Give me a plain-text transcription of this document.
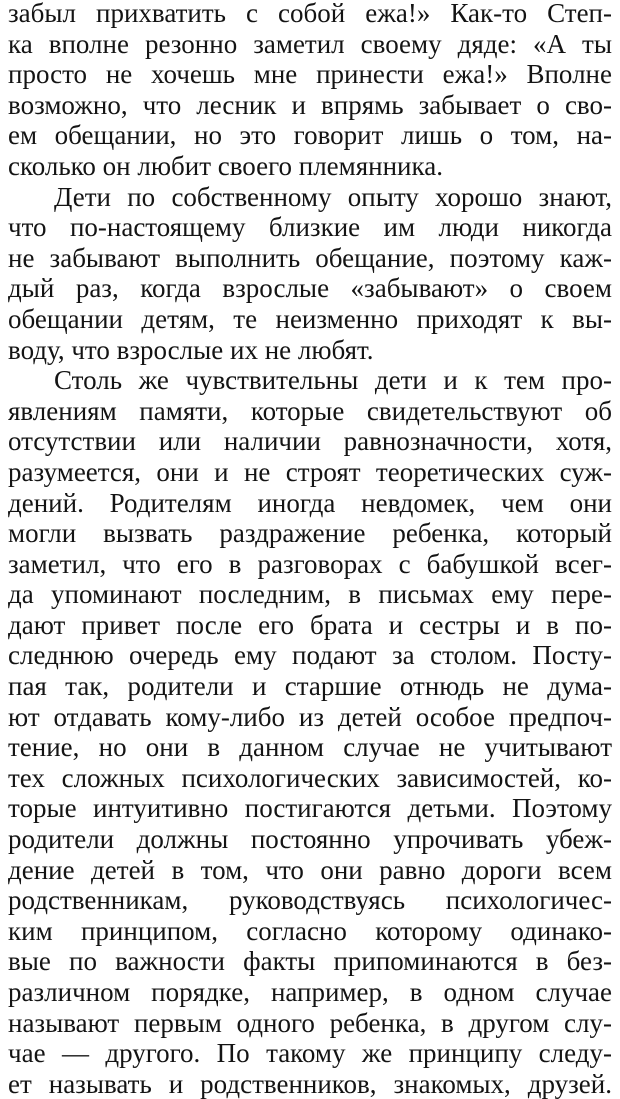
забыл прихватить с собой ежа!» Как-то Степ-
ка вполне резонно заметил своему дяде: «А ты
просто не хочешь мне принести ежа!» Вполне
возможно, что лесник и впрямь забывает о сво-
ем обещании, но это говорит лишь о том, на-
сколько он любит своего племянника.
Дети по собственному опыту хорошо знают,
что по-настоящему близкие им люди никогда
не забывают выполнить обещание, поэтому каж-
дый раз, когда взрослые «забывают» о своем
обещании детям, те неизменно приходят к вы-
воду, что взрослые их не любят.
Столь же чувствительны дети и к тем про-
явлениям памяти, которые свидетельствуют об
отсутствии или наличии равнозначности, хотя,
разумеется, они и не строят теоретических суж-
дений. Родителям иногда невдомек, чем они
могли вызвать раздражение ребенка, который
заметил, что его в разговорах с бабушкой всег-
да упоминают последним, в письмах ему пере-
дают привет после его брата и сестры и в по-
следнюю очередь ему подают за столом. Посту-
пая так, родители и старшие отнюдь не дума-
ют отдавать кому-либо из детей особое предпоч-
тение, но они в данном случае не учитывают
тех сложных психологических зависимостей, ко-
торые интуитивно постигаются детьми. Поэтому
родители должны постоянно упрочивать убеж-
дение детей в том, что они равно дороги всем
родственникам, руководствуясь психологичес-
ким принципом, согласно которому одинако-
вые по важности факты припоминаются в без-
различном порядке, например, в одном случае
называют первым одного ребенка, в другом слу-
чае — другого. По такому же принципу следу-
ет называть и родственников, знакомых, друзей.
